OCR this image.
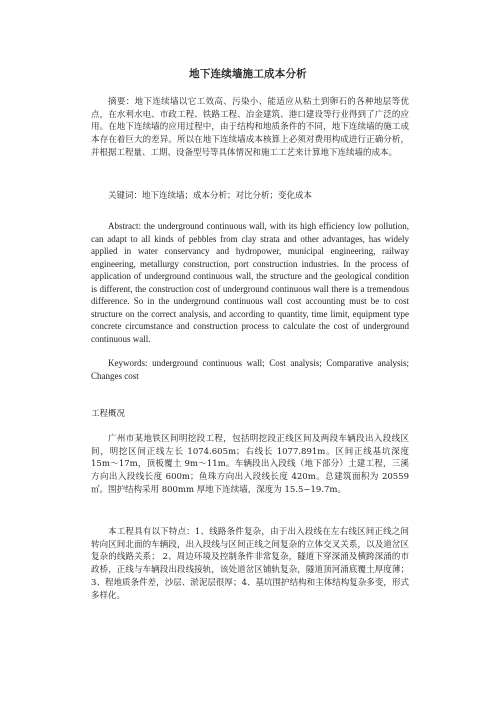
地下连续墙施工成本分析
摘要：地下连续墙以它工效高、污染小、能适应从粘土到卵石的各种地层等优点，在水利水电、市政工程、铁路工程、冶金建筑、港口建设等行业得到了广泛的应用。在地下连续墙的应用过程中，由于结构和地质条件的不同，地下连续墙的施工成本存在着巨大的差异。所以在地下连续墙成本核算上必须对费用构成进行正确分析，并根据工程量、工期、设备型号等具体情况和施工工艺来计算地下连续墙的成本。
关键词：地下连续墙；成本分析；对比分析；变化成本
Abstract: the underground continuous wall, with its high efficiency low pollution, can adapt to all kinds of pebbles from clay strata and other advantages, has widely applied in water conservancy and hydropower, municipal engineering, railway engineering, metallurgy construction, port construction industries. In the process of application of underground continuous wall, the structure and the geological condition is different, the construction cost of underground continuous wall there is a tremendous difference. So in the underground continuous wall cost accounting must be to cost structure on the correct analysis, and according to quantity, time limit, equipment type concrete circumstance and construction process to calculate the cost of underground continuous wall.
Keywords: underground continuous wall; Cost analysis; Comparative analysis; Changes cost
工程概况
广州市某地铁区间明挖段工程，包括明挖段正线区间及两段车辆段出入段线区间，明挖区间正线左长 1074.605m；右线长 1077.891m。区间正线基坑深度 15m～17m，顶板覆土 9m～11m。车辆段出入段线（地下部分）土建工程，三溪方向出入段线长度 600m；鱼珠方向出入段线长度 420m。总建筑面积为 20559㎡。围护结构采用 800mm 厚地下连续墙，深度为 15.5~19.7m。
本工程具有以下特点：1、线路条件复杂，由于出入段线在左右线区间正线之间转向区间北面的车辆段，出入段线与区间正线之间复杂的立体交叉关系，以及道岔区复杂的线路关系； 2、周边环境及控制条件非常复杂，隧道下穿深涌及横跨深涌的市政桥，正线与车辆段出段线接轨，该处道岔区铺轨复杂，隧道顶河涌底覆土厚度薄；3、程地质条件差，沙层、淤泥层很厚；4、基坑围护结构和主体结构复杂多变，形式多样化。
